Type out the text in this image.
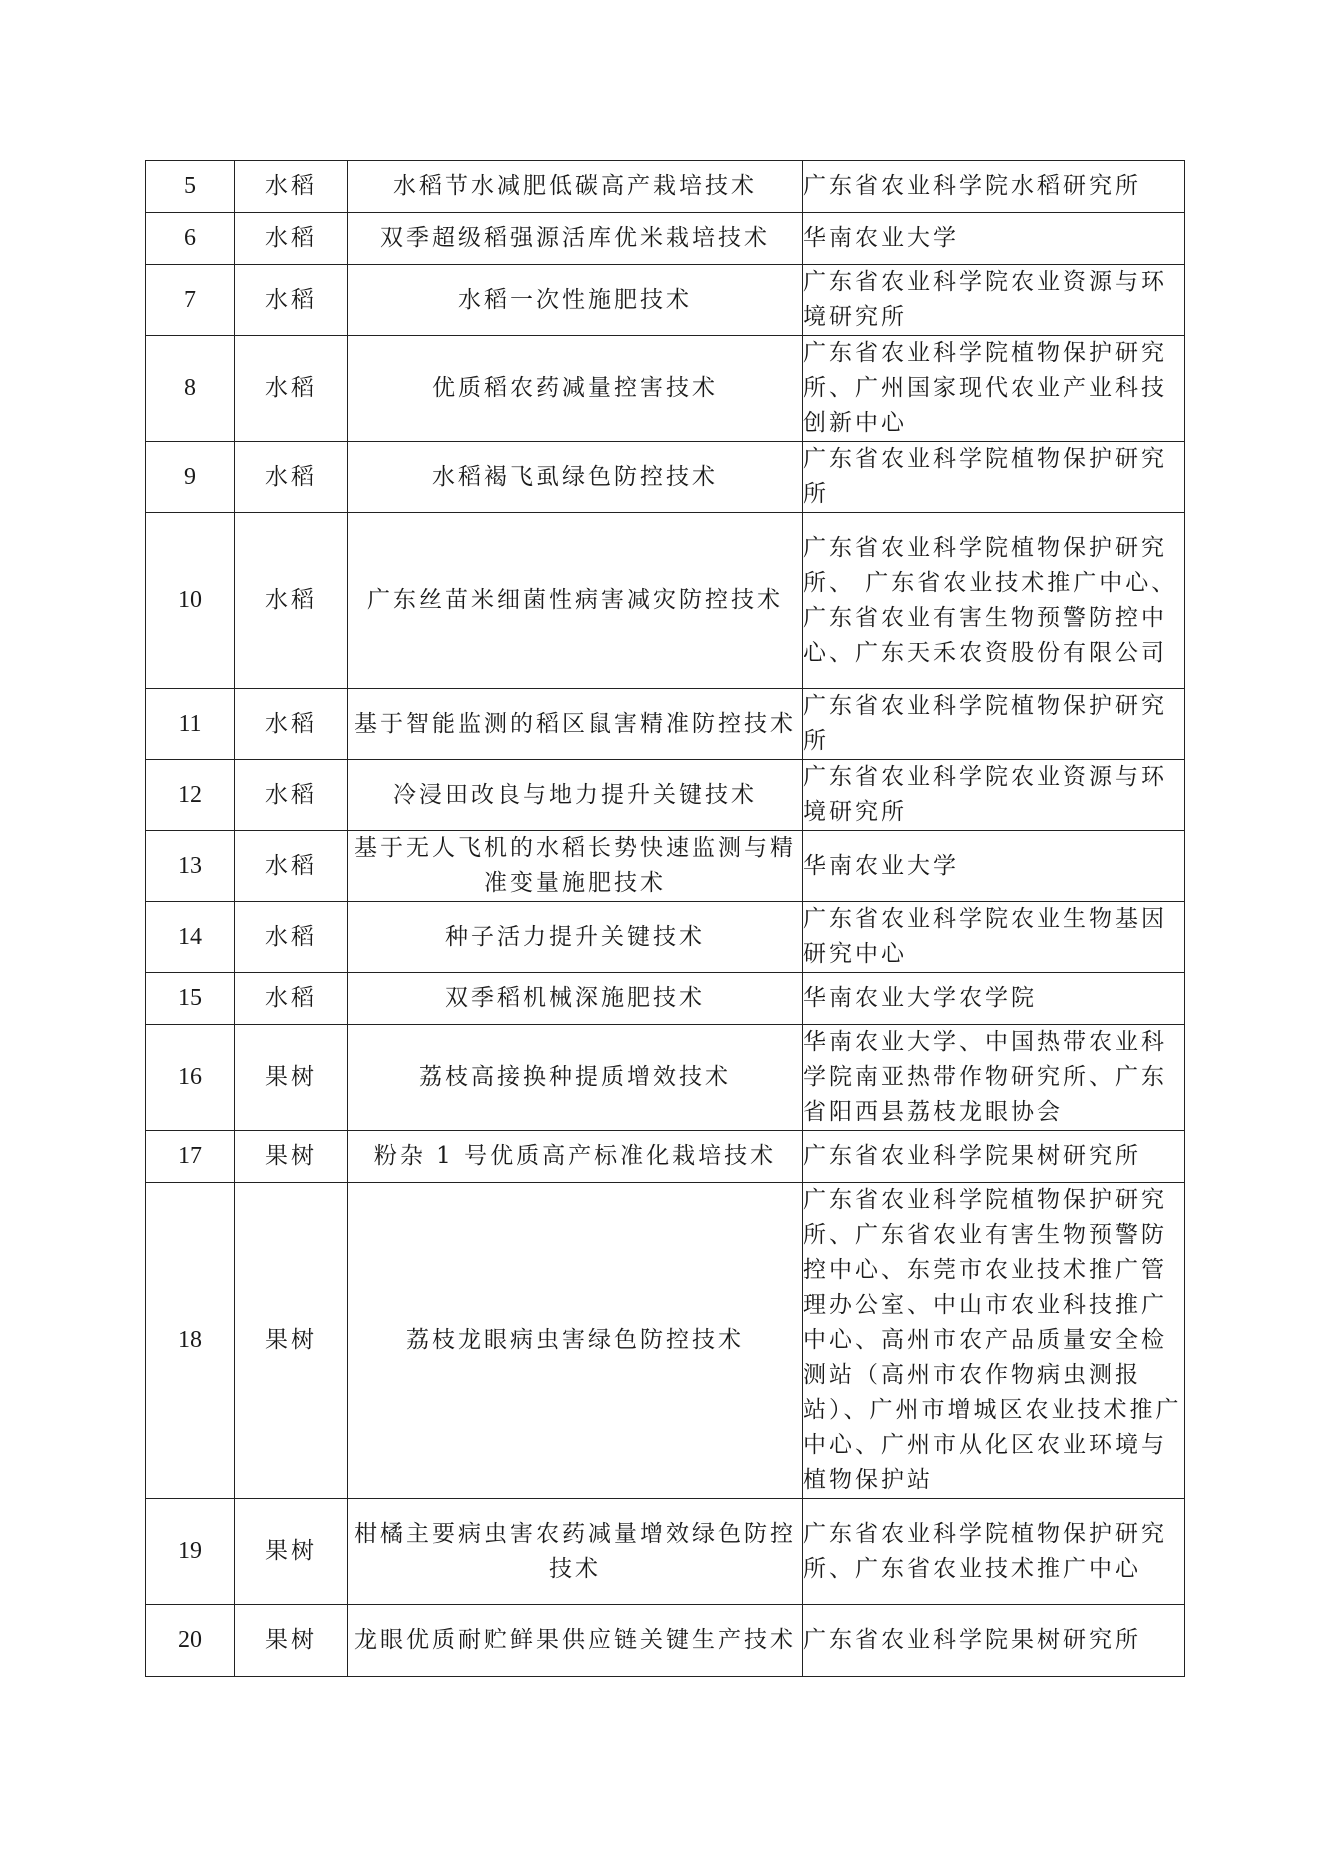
5	水稻	水稻节水减肥低碳高产栽培技术	广东省农业科学院水稻研究所
6	水稻	双季超级稻强源活库优米栽培技术	华南农业大学
7	水稻	水稻一次性施肥技术	广东省农业科学院农业资源与环境研究所
8	水稻	优质稻农药减量控害技术	广东省农业科学院植物保护研究所、广州国家现代农业产业科技创新中心
9	水稻	水稻褐飞虱绿色防控技术	广东省农业科学院植物保护研究所
10	水稻	广东丝苗米细菌性病害减灾防控技术	广东省农业科学院植物保护研究所、 广东省农业技术推广中心、广东省农业有害生物预警防控中心、广东天禾农资股份有限公司
11	水稻	基于智能监测的稻区鼠害精准防控技术	广东省农业科学院植物保护研究所
12	水稻	冷浸田改良与地力提升关键技术	广东省农业科学院农业资源与环境研究所
13	水稻	基于无人飞机的水稻长势快速监测与精准变量施肥技术	华南农业大学
14	水稻	种子活力提升关键技术	广东省农业科学院农业生物基因研究中心
15	水稻	双季稻机械深施肥技术	华南农业大学农学院
16	果树	荔枝高接换种提质增效技术	华南农业大学、中国热带农业科学院南亚热带作物研究所、广东省阳西县荔枝龙眼协会
17	果树	粉杂 1 号优质高产标准化栽培技术	广东省农业科学院果树研究所
18	果树	荔枝龙眼病虫害绿色防控技术	广东省农业科学院植物保护研究所、广东省农业有害生物预警防控中心、东莞市农业技术推广管理办公室、中山市农业科技推广中心、高州市农产品质量安全检测站（高州市农作物病虫测报站）、广州市增城区农业技术推广中心、广州市从化区农业环境与植物保护站
19	果树	柑橘主要病虫害农药减量增效绿色防控技术	广东省农业科学院植物保护研究所、广东省农业技术推广中心
20	果树	龙眼优质耐贮鲜果供应链关键生产技术	广东省农业科学院果树研究所
